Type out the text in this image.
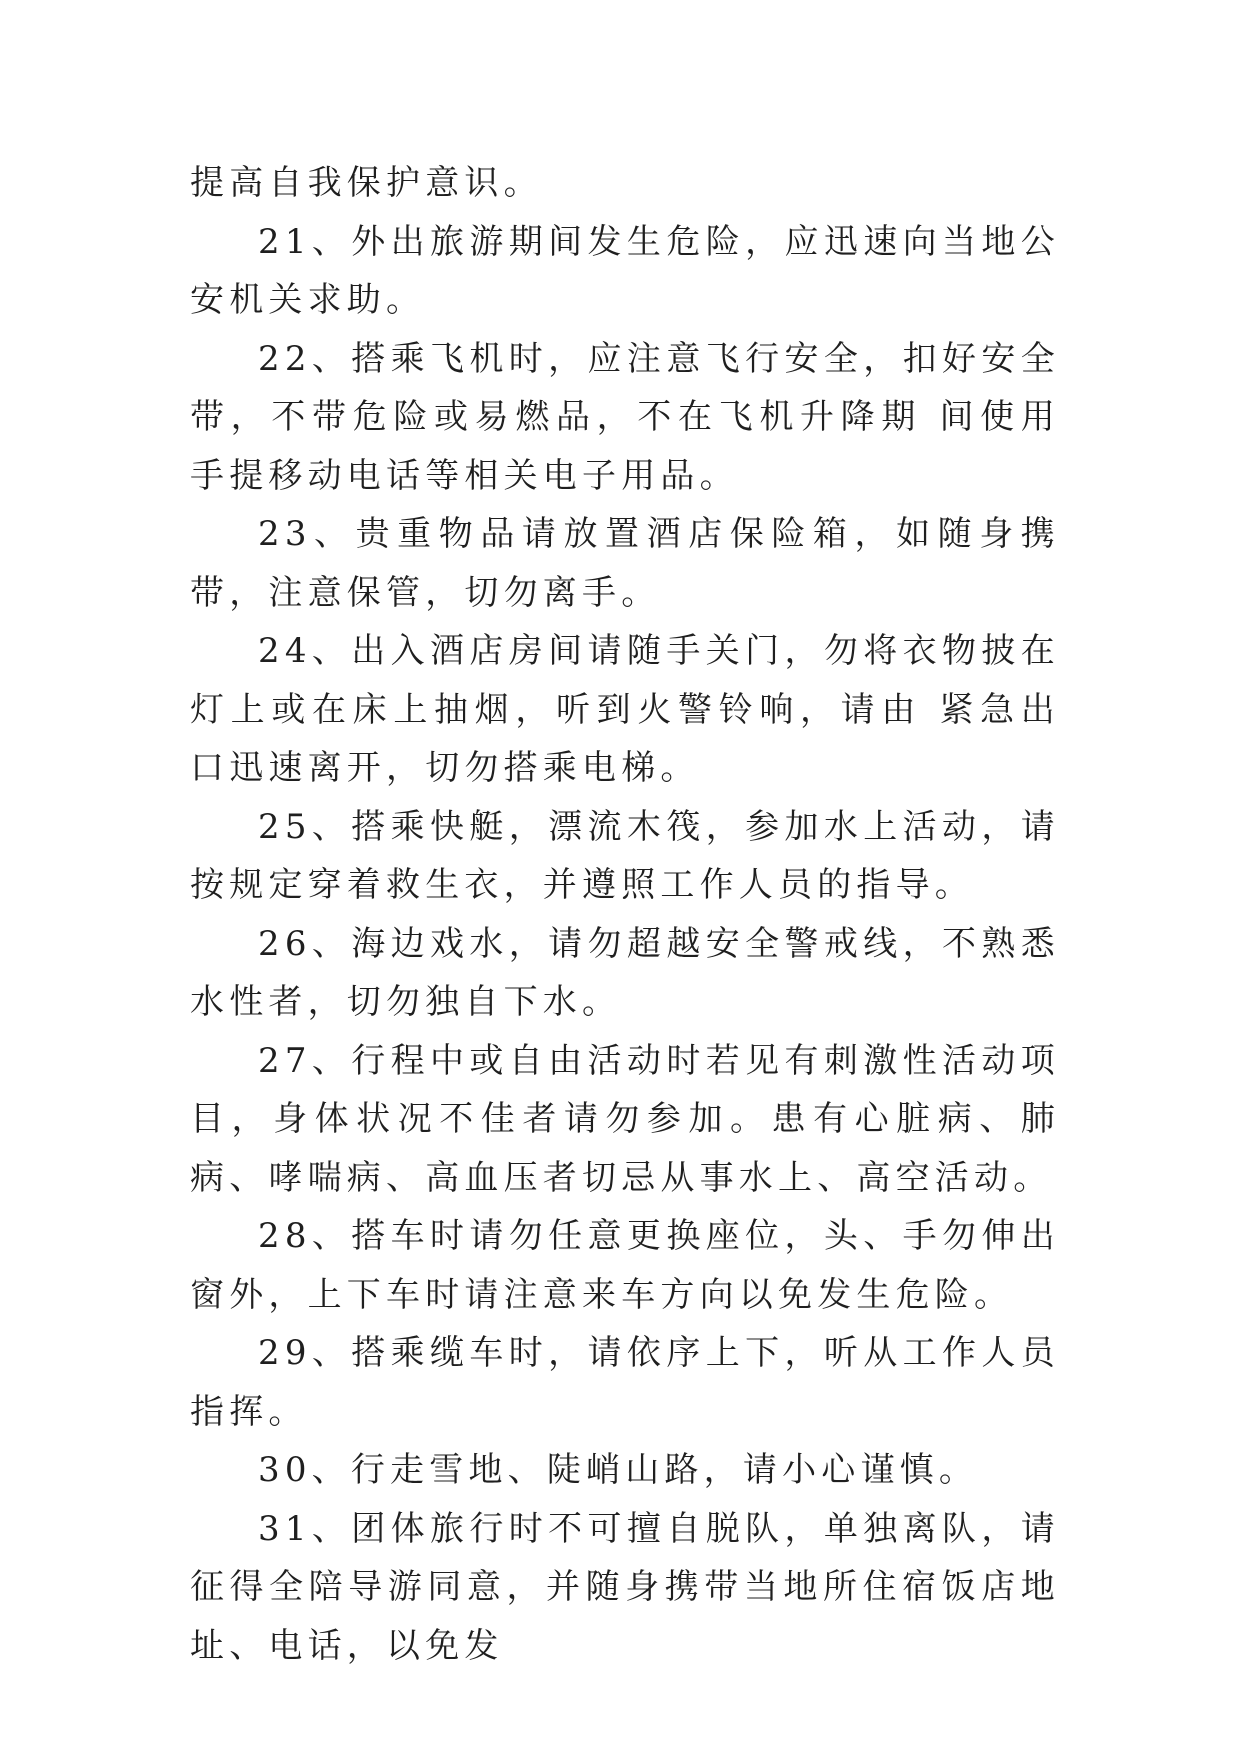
提高自我保护意识。

21、外出旅游期间发生危险，应迅速向当地公安机关求助。

22、搭乘飞机时，应注意飞行安全，扣好安全带，不带危险或易燃品，不在飞机升降期 间使用手提移动电话等相关电子用品。

23、贵重物品请放置酒店保险箱，如随身携带，注意保管，切勿离手。

24、出入酒店房间请随手关门，勿将衣物披在灯上或在床上抽烟，听到火警铃响，请由 紧急出口迅速离开，切勿搭乘电梯。

25、搭乘快艇，漂流木筏，参加水上活动，请按规定穿着救生衣，并遵照工作人员的指导。

26、海边戏水，请勿超越安全警戒线，不熟悉水性者，切勿独自下水。

27、行程中或自由活动时若见有刺激性活动项目，身体状况不佳者请勿参加。患有心脏病、肺病、哮喘病、高血压者切忌从事水上、高空活动。

28、搭车时请勿任意更换座位，头、手勿伸出窗外，上下车时请注意来车方向以免发生危险。

29、搭乘缆车时，请依序上下，听从工作人员指挥。

30、行走雪地、陡峭山路，请小心谨慎。

31、团体旅行时不可擅自脱队，单独离队，请征得全陪导游同意，并随身携带当地所住宿饭店地址、电话，以免发
